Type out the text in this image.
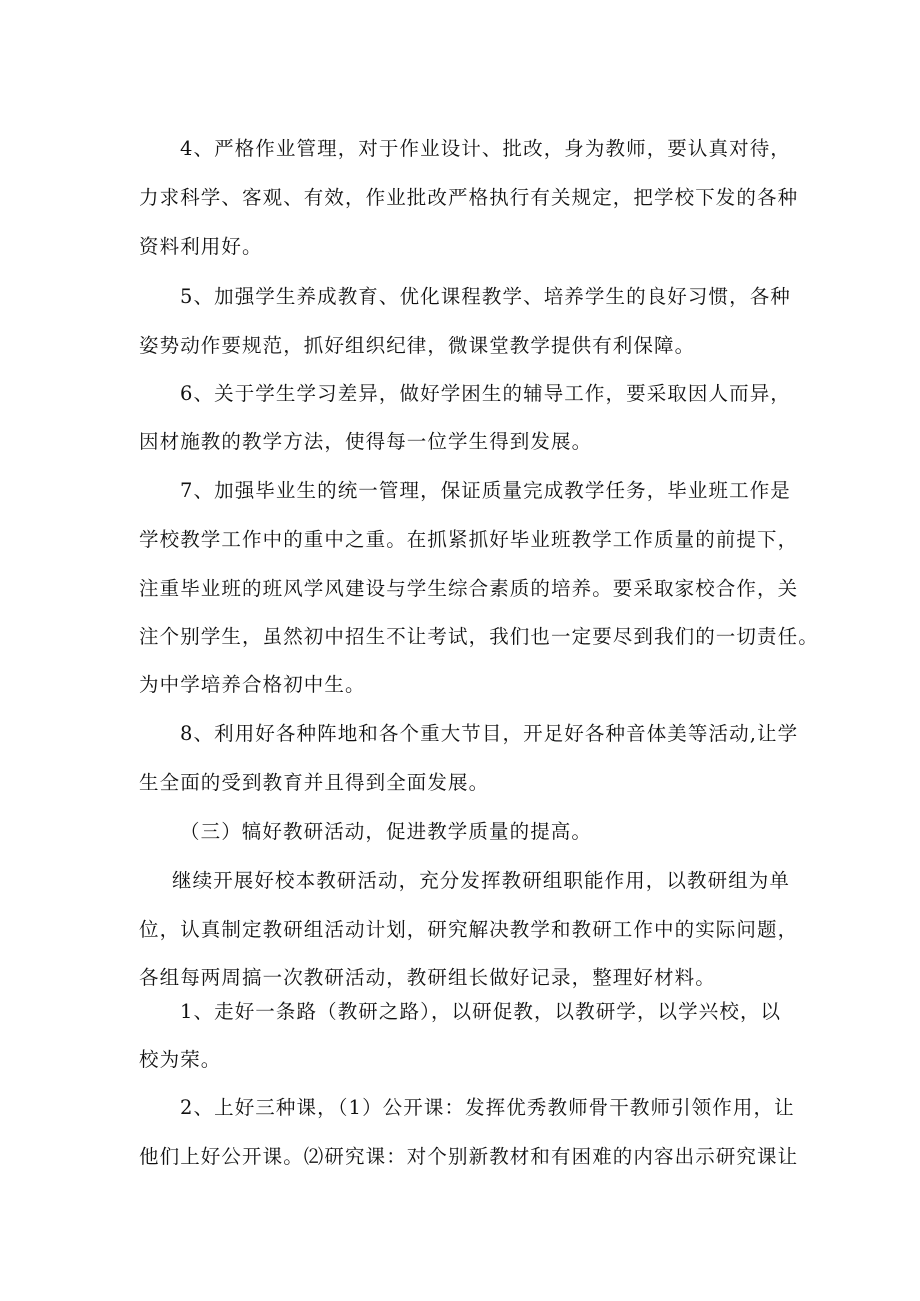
4、严格作业管理，对于作业设计、批改，身为教师，要认真对待，
力求科学、客观、有效，作业批改严格执行有关规定，把学校下发的各种
资料利用好。
5、加强学生养成教育、优化课程教学、培养学生的良好习惯，各种
姿势动作要规范，抓好组织纪律，微课堂教学提供有利保障。
6、关于学生学习差异，做好学困生的辅导工作，要采取因人而异，
因材施教的教学方法，使得每一位学生得到发展。
7、加强毕业生的统一管理，保证质量完成教学任务，毕业班工作是
学校教学工作中的重中之重。在抓紧抓好毕业班教学工作质量的前提下，
注重毕业班的班风学风建设与学生综合素质的培养。要采取家校合作，关
注个别学生，虽然初中招生不让考试，我们也一定要尽到我们的一切责任。
为中学培养合格初中生。
8、利用好各种阵地和各个重大节目，开足好各种音体美等活动,让学
生全面的受到教育并且得到全面发展。
（三）犒好教研活动，促进教学质量的提高。
继续开展好校本教研活动，充分发挥教研组职能作用，以教研组为单
位，认真制定教研组活动计划，研究解决教学和教研工作中的实际问题，
各组每两周搞一次教研活动，教研组长做好记录，整理好材料。
1、走好一条路（教研之路），以研促教，以教研学，以学兴校，以
校为荣。
2、上好三种课，（1）公开课：发挥优秀教师骨干教师引领作用，让
他们上好公开课。⑵研究课：对个别新教材和有困难的内容出示研究课让
